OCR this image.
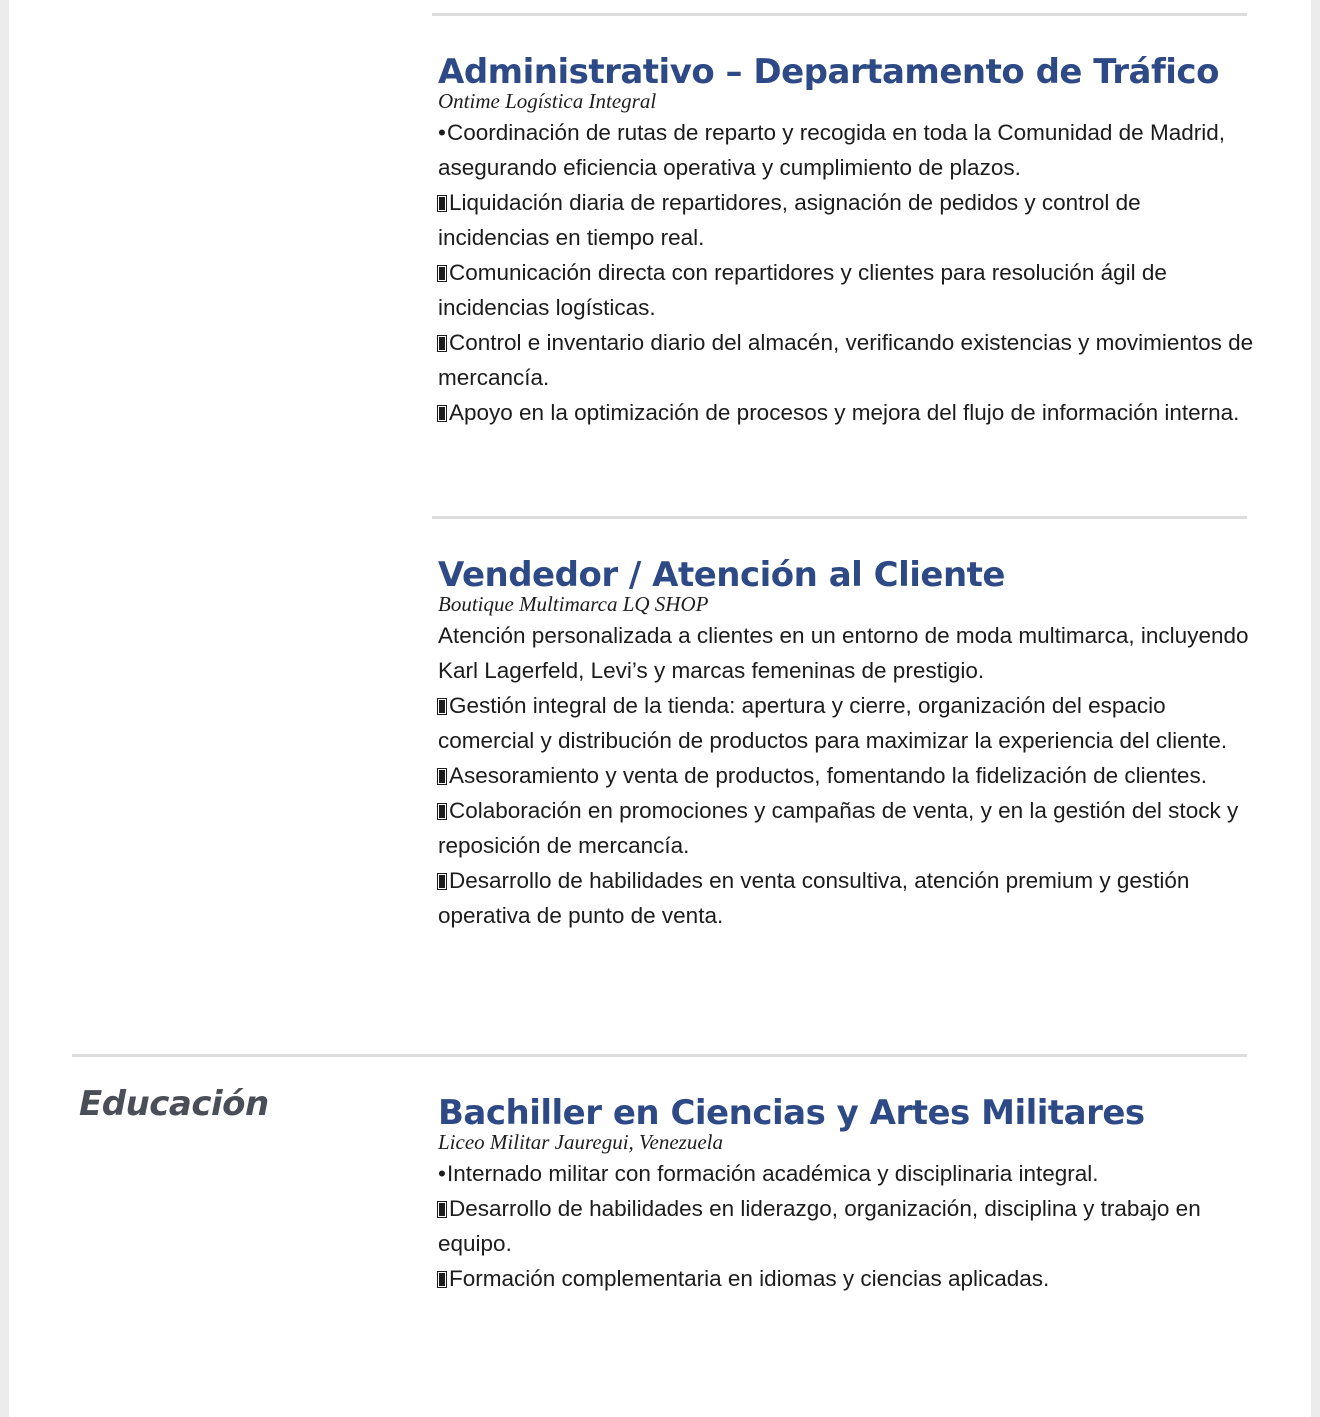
Administrativo – Departamento de Tráfico

Ontime Logística Integral

•Coordinación de rutas de reparto y recogida en toda la Comunidad de Madrid, asegurando eficiencia operativa y cumplimiento de plazos.
Liquidación diaria de repartidores, asignación de pedidos y control de incidencias en tiempo real.
Comunicación directa con repartidores y clientes para resolución ágil de incidencias logísticas.
Control e inventario diario del almacén, verificando existencias y movimientos de mercancía.
Apoyo en la optimización de procesos y mejora del flujo de información interna.
Vendedor / Atención al Cliente

Boutique Multimarca LQ SHOP

Atención personalizada a clientes en un entorno de moda multimarca, incluyendo Karl Lagerfeld, Levi’s y marcas femeninas de prestigio.
Gestión integral de la tienda: apertura y cierre, organización del espacio comercial y distribución de productos para maximizar la experiencia del cliente.
Asesoramiento y venta de productos, fomentando la fidelización de clientes.
Colaboración en promociones y campañas de venta, y en la gestión del stock y reposición de mercancía.
Desarrollo de habilidades en venta consultiva, atención premium y gestión operativa de punto de venta.
Educación	Bachiller en Ciencias y Artes Militares

Liceo Militar Jauregui, Venezuela

•Internado militar con formación académica y disciplinaria integral.
Desarrollo de habilidades en liderazgo, organización, disciplina y trabajo en equipo.
Formación complementaria en idiomas y ciencias aplicadas.
